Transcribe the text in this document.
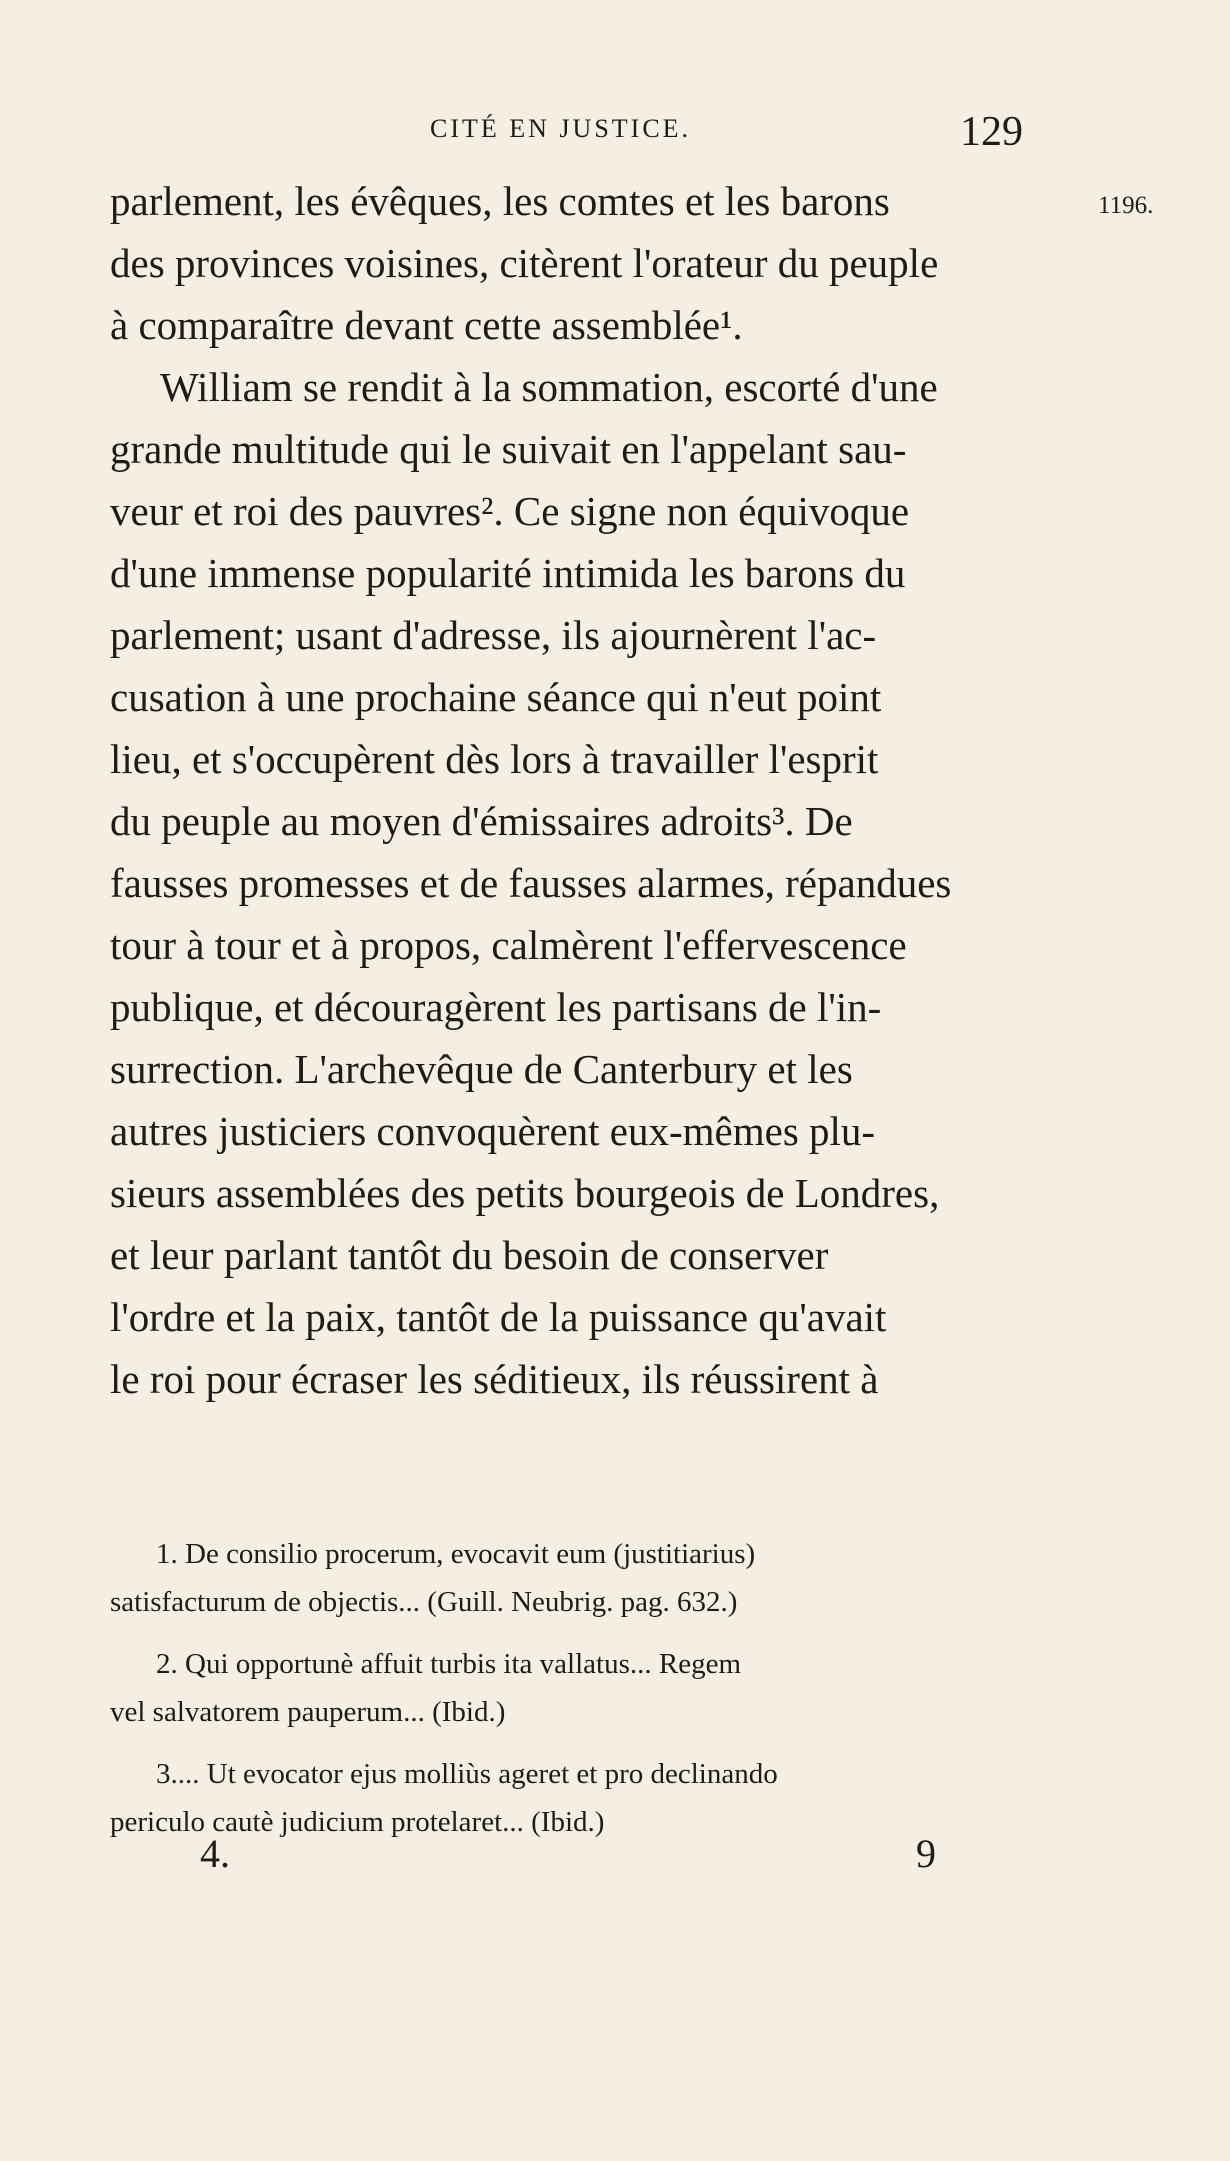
CITÉ EN JUSTICE.	129
1196.
parlement, les évêques, les comtes et les barons
des provinces voisines, citèrent l'orateur du peuple
à comparaître devant cette assemblée¹.
William se rendit à la sommation, escorté d'une
grande multitude qui le suivait en l'appelant sau-
veur et roi des pauvres². Ce signe non équivoque
d'une immense popularité intimida les barons du
parlement; usant d'adresse, ils ajournèrent l'ac-
cusation à une prochaine séance qui n'eut point
lieu, et s'occupèrent dès lors à travailler l'esprit
du peuple au moyen d'émissaires adroits³. De
fausses promesses et de fausses alarmes, répandues
tour à tour et à propos, calmèrent l'effervescence
publique, et découragèrent les partisans de l'in-
surrection. L'archevêque de Canterbury et les
autres justiciers convoquèrent eux-mêmes plu-
sieurs assemblées des petits bourgeois de Londres,
et leur parlant tantôt du besoin de conserver
l'ordre et la paix, tantôt de la puissance qu'avait
le roi pour écraser les séditieux, ils réussirent à
1. De consilio procerum, evocavit eum (justitiarius)
satisfacturum de objectis... (Guill. Neubrig. pag. 632.)
2. Qui opportunè affuit turbis ita vallatus... Regem
vel salvatorem pauperum... (Ibid.)
3.... Ut evocator ejus molliùs ageret et pro declinando
periculo cautè judicium protelaret... (Ibid.)
4.	9
